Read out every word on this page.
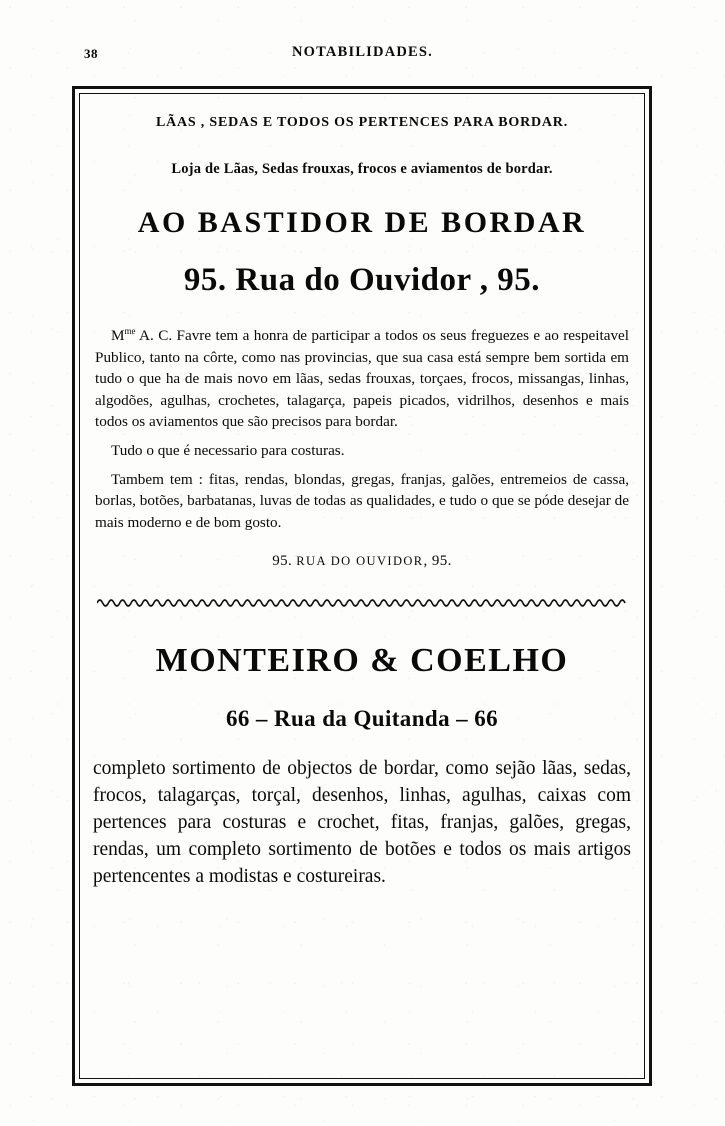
38	NOTABILIDADES.
LÃAS , SEDAS E TODOS OS PERTENCES PARA BORDAR.
Loja de Lãas, Sedas frouxas, frocos e aviamentos de bordar.
AO BASTIDOR DE BORDAR
95. Rua do Ouvidor , 95.

$M^{me}$ A. C. Favre tem a honra de participar a todos os seus freguezes e ao respeitavel Publico, tanto na côrte, como nas provincias, que sua casa está sempre bem sortida em tudo o que ha de mais novo em lãas, sedas frouxas, torçaes, frocos, missangas, linhas, algodões, agulhas, crochetes, talagarça, papeis picados, vidrilhos, desenhos e mais todos os aviamentos que são precisos para bordar.

Tudo o que é necessario para costuras.

Tambem tem : fitas, rendas, blondas, gregas, franjas, galões, entremeios de cassa, borlas, botões, barbatanas, luvas de todas as qualidades, e tudo o que se póde desejar de mais moderno e de bom gosto.

95. RUA DO OUVIDOR, 95.
MONTEIRO & COELHO
66 – Rua da Quitanda – 66

completo sortimento de objectos de bordar, como sejão lãas, sedas, frocos, talagarças, torçal, desenhos, linhas, agulhas, caixas com pertences para costuras e crochet, fitas, franjas, galões, gregas, rendas, um completo sortimento de botões e todos os mais artigos pertencentes a modistas e costureiras.
